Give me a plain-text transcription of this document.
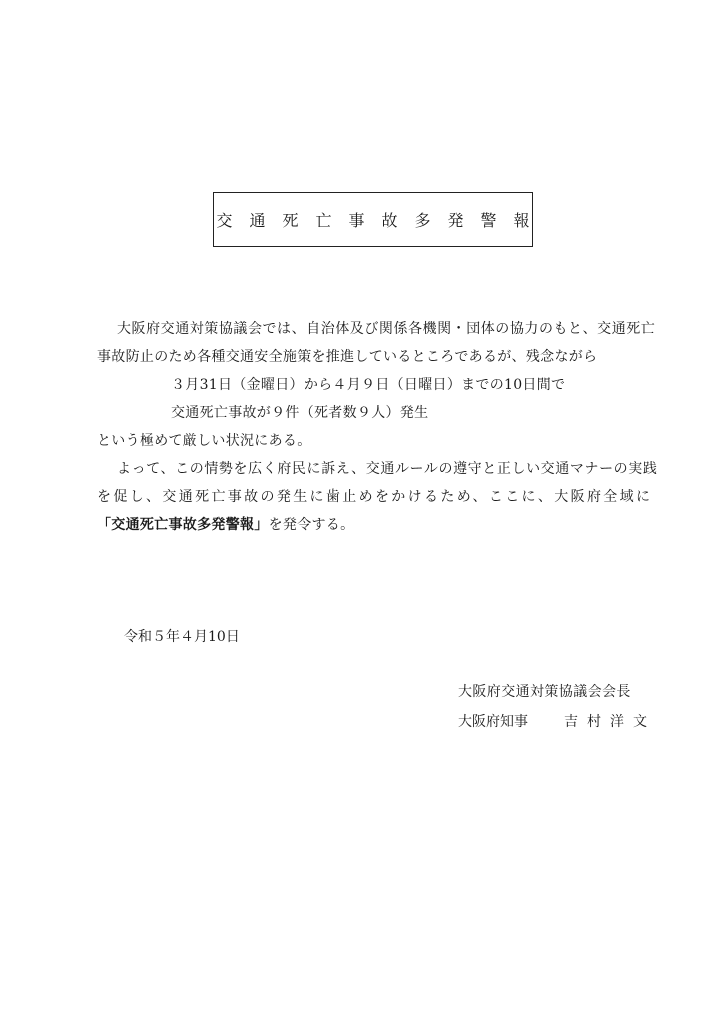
交通死亡事故多発警報
大阪府交通対策協議会では、自治体及び関係各機関・団体の協力のもと、交通死亡
事故防止のため各種交通安全施策を推進しているところであるが、残念ながら
３月31日（金曜日）から４月９日（日曜日）までの10日間で
交通死亡事故が９件（死者数９人）発生
という極めて厳しい状況にある。
よって、この情勢を広く府民に訴え、交通ルールの遵守と正しい交通マナーの実践
を促し、交通死亡事故の発生に歯止めをかけるため、ここに、大阪府全域に
「交通死亡事故多発警報」を発令する。
令和５年４月10日
大阪府交通対策協議会会長
大阪府知事	吉村洋文
